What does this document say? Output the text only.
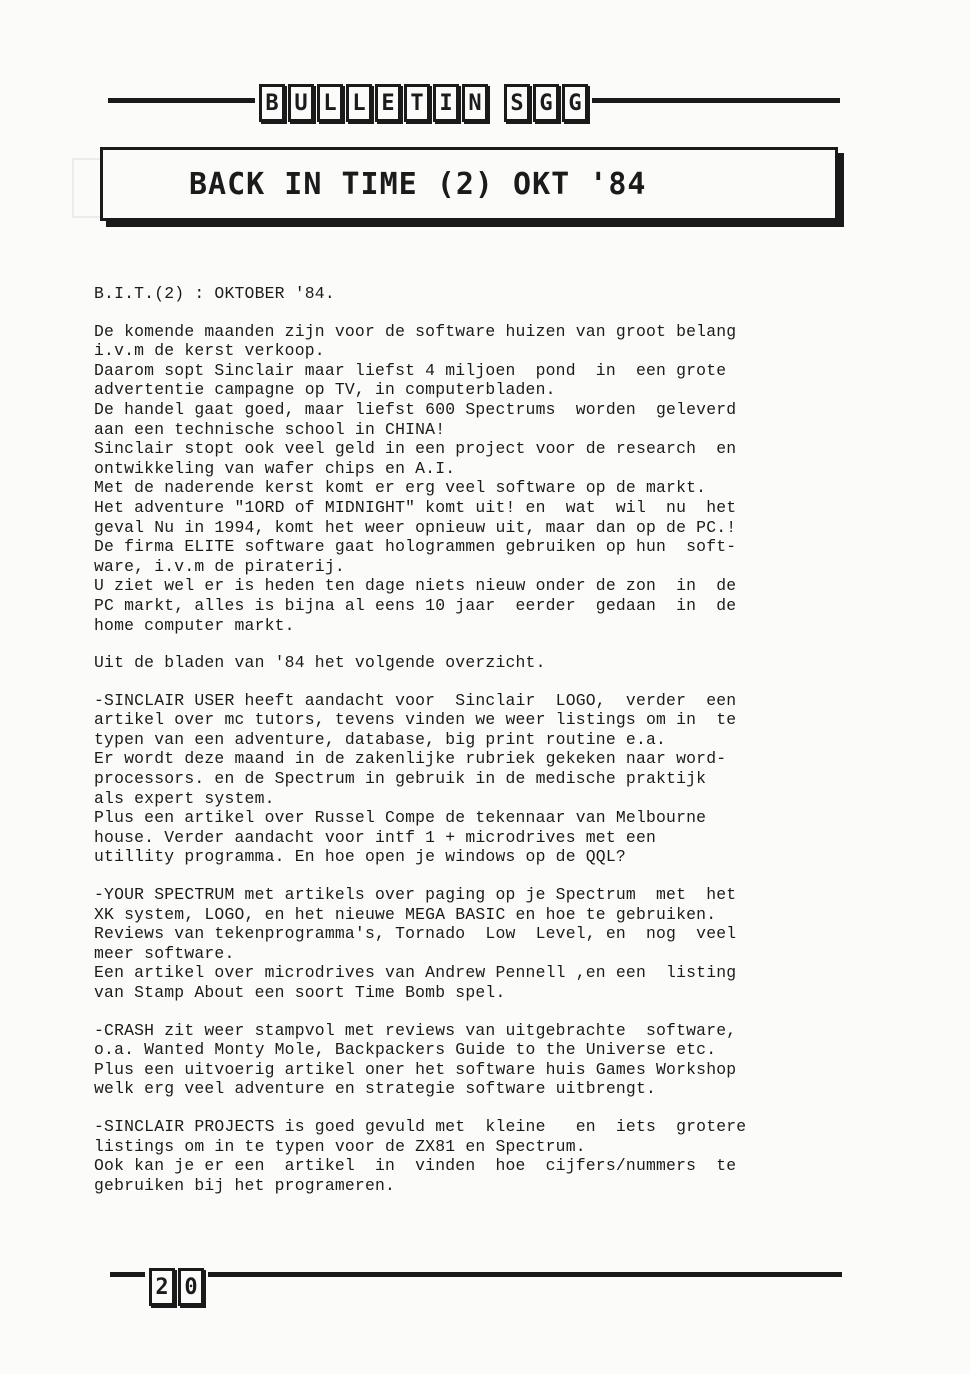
B U L L E T I N S G G
BACK IN TIME (2) OKT '84

B.I.T.(2) : OKTOBER '84.

De komende maanden zijn voor de software huizen van groot belang

i.v.m de kerst verkoop.

Daarom sopt Sinclair maar liefst 4 miljoen  pond  in  een grote

advertentie campagne op TV, in computerbladen.

De handel gaat goed, maar liefst 600 Spectrums  worden  geleverd

aan een technische school in CHINA!

Sinclair stopt ook veel geld in een project voor de research  en

ontwikkeling van wafer chips en A.I.

Met de naderende kerst komt er erg veel software op de markt.

Het adventure "1ORD of MIDNIGHT" komt uit! en  wat  wil  nu  het

geval Nu in 1994, komt het weer opnieuw uit, maar dan op de PC.!

De firma ELITE software gaat hologrammen gebruiken op hun  soft-

ware, i.v.m de piraterij.

U ziet wel er is heden ten dage niets nieuw onder de zon  in  de

PC markt, alles is bijna al eens 10 jaar  eerder  gedaan  in  de

home computer markt.

Uit de bladen van '84 het volgende overzicht.

-SINCLAIR USER heeft aandacht voor  Sinclair  LOGO,  verder  een

artikel over mc tutors, tevens vinden we weer listings om in  te

typen van een adventure, database, big print routine e.a.

Er wordt deze maand in de zakenlijke rubriek gekeken naar word-

processors. en de Spectrum in gebruik in de medische praktijk

als expert system.

Plus een artikel over Russel Compe de tekennaar van Melbourne

house. Verder aandacht voor intf 1 + microdrives met een

utillity programma. En hoe open je windows op de QQL?

-YOUR SPECTRUM met artikels over paging op je Spectrum  met  het

XK system, LOGO, en het nieuwe MEGA BASIC en hoe te gebruiken.

Reviews van tekenprogramma's, Tornado  Low  Level, en  nog  veel

meer software.

Een artikel over microdrives van Andrew Pennell ,en een  listing

van Stamp About een soort Time Bomb spel.

-CRASH zit weer stampvol met reviews van uitgebrachte  software,

o.a. Wanted Monty Mole, Backpackers Guide to the Universe etc.

Plus een uitvoerig artikel oner het software huis Games Workshop

welk erg veel adventure en strategie software uitbrengt.

-SINCLAIR PROJECTS is goed gevuld met  kleine   en  iets  grotere

listings om in te typen voor de ZX81 en Spectrum.

Ook kan je er een  artikel  in  vinden  hoe  cijfers/nummers  te

gebruiken bij het programeren.

2 0
